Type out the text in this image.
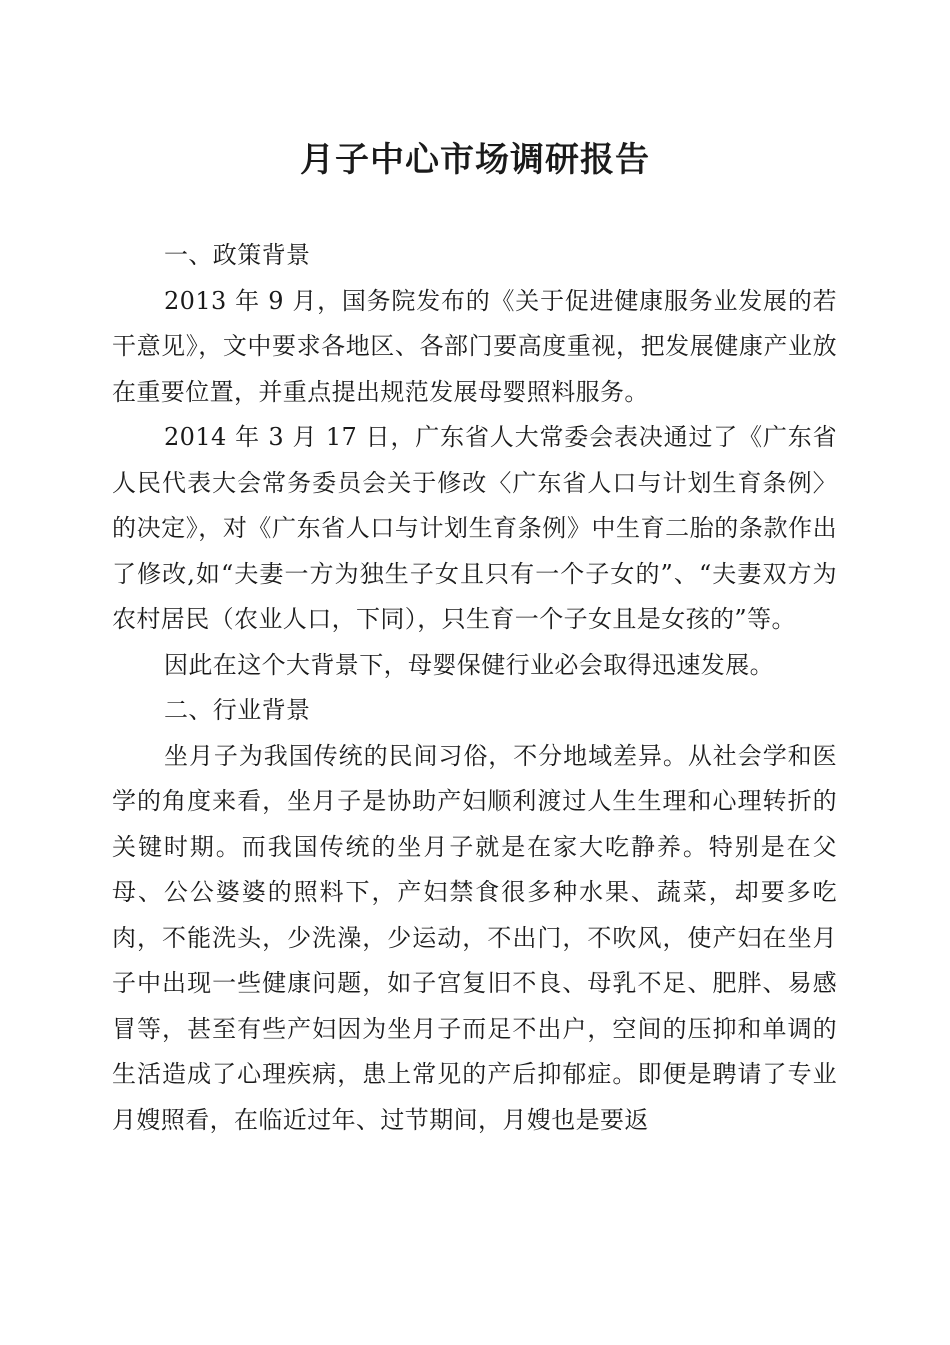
月子中心市场调研报告

一、政策背景

2013 年 9 月，国务院发布的《关于促进健康服务业发展的若干意见》，文中要求各地区、各部门要高度重视，把发展健康产业放在重要位置，并重点提出规范发展母婴照料服务。

2014 年 3 月 17 日，广东省人大常委会表决通过了《广东省人民代表大会常务委员会关于修改〈广东省人口与计划生育条例〉的决定》，对《广东省人口与计划生育条例》中生育二胎的条款作出了修改,如“夫妻一方为独生子女且只有一个子女的”、“夫妻双方为农村居民（农业人口，下同），只生育一个子女且是女孩的”等。

因此在这个大背景下，母婴保健行业必会取得迅速发展。

二、行业背景

坐月子为我国传统的民间习俗，不分地域差异。从社会学和医学的角度来看，坐月子是协助产妇顺利渡过人生生理和心理转折的关键时期。而我国传统的坐月子就是在家大吃静养。特别是在父母、公公婆婆的照料下，产妇禁食很多种水果、蔬菜，却要多吃肉，不能洗头，少洗澡，少运动，不出门，不吹风，使产妇在坐月子中出现一些健康问题，如子宫复旧不良、母乳不足、肥胖、易感冒等，甚至有些产妇因为坐月子而足不出户，空间的压抑和单调的生活造成了心理疾病，患上常见的产后抑郁症。即便是聘请了专业月嫂照看，在临近过年、过节期间，月嫂也是要返
